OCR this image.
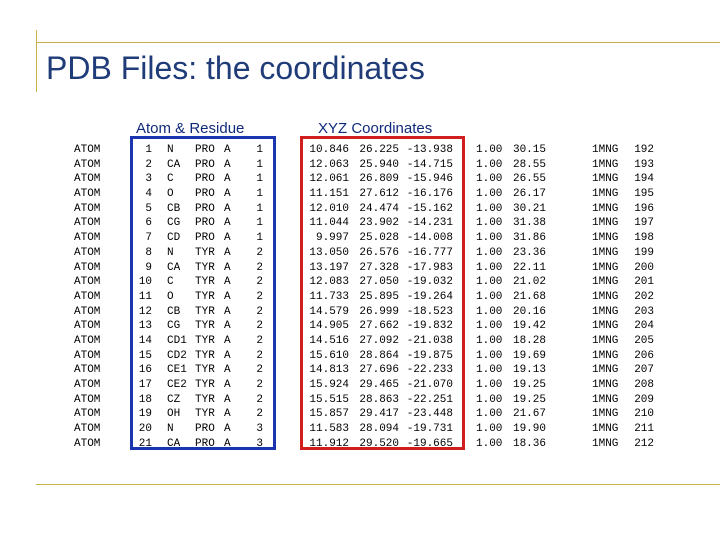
PDB Files: the coordinates
Atom & Residue	XYZ Coordinates
ATOM	1 N PRO A	1	10.846 26.225 -13.938 1.00 30.15	1MNG	192
ATOM	2 CA PRO A	1	12.063 25.940 -14.715 1.00 28.55	1MNG	193
ATOM	3 C PRO A	1	12.061 26.809 -15.946 1.00 26.55	1MNG	194
ATOM	4 O PRO A	1	11.151 27.612 -16.176 1.00 26.17	1MNG	195
ATOM	5 CB PRO A	1	12.010 24.474 -15.162 1.00 30.21	1MNG	196
ATOM	6 CG PRO A	1	11.044 23.902 -14.231 1.00 31.38	1MNG	197
ATOM	7 CD PRO A	1	9.997 25.028 -14.008 1.00 31.86	1MNG	198
ATOM	8 N TYR A	2	13.050 26.576 -16.777 1.00 23.36	1MNG	199
ATOM	9 CA TYR A	2	13.197 27.328 -17.983 1.00 22.11	1MNG	200
ATOM	10 C TYR A	2	12.083 27.050 -19.032 1.00 21.02	1MNG	201
ATOM	11 O TYR A	2	11.733 25.895 -19.264 1.00 21.68	1MNG	202
ATOM	12 CB TYR A	2	14.579 26.999 -18.523 1.00 20.16	1MNG	203
ATOM	13 CG TYR A	2	14.905 27.662 -19.832 1.00 19.42	1MNG	204
ATOM	14 CD1 TYR A	2	14.516 27.092 -21.038 1.00 18.28	1MNG	205
ATOM	15 CD2 TYR A	2	15.610 28.864 -19.875 1.00 19.69	1MNG	206
ATOM	16 CE1 TYR A	2	14.813 27.696 -22.233 1.00 19.13	1MNG	207
ATOM	17 CE2 TYR A	2	15.924 29.465 -21.070 1.00 19.25	1MNG	208
ATOM	18 CZ TYR A	2	15.515 28.863 -22.251 1.00 19.25	1MNG	209
ATOM	19 OH TYR A	2	15.857 29.417 -23.448 1.00 21.67	1MNG	210
ATOM	20 N PRO A	3	11.583 28.094 -19.731 1.00 19.90	1MNG	211
ATOM	21 CA PRO A	3	11.912 29.520 -19.665 1.00 18.36	1MNG	212
